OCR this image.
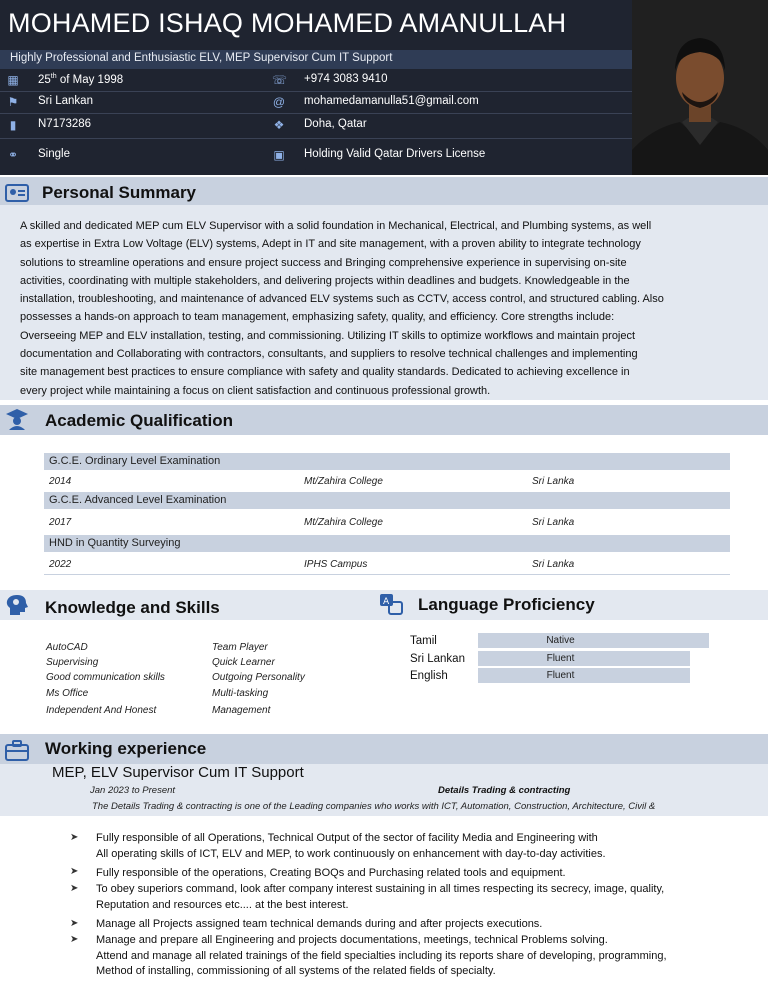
MOHAMED ISHAQ MOHAMED AMANULLAH
Highly Professional and Enthusiastic ELV, MEP Supervisor Cum IT Support
▦ 25th of May 1998	☏ +974 3083 9410
⚑ Sri Lankan	@ mohamedamanulla51@gmail.com
▮	N7173286	❖ Doha, Qatar
⚭ Single	▣ Holding Valid Qatar Drivers License
Personal Summary
A skilled and dedicated MEP cum ELV Supervisor with a solid foundation in Mechanical, Electrical, and Plumbing systems, as well
as expertise in Extra Low Voltage (ELV) systems, Adept in IT and site management, with a proven ability to integrate technology
solutions to streamline operations and ensure project success and Bringing comprehensive experience in supervising on-site
activities, coordinating with multiple stakeholders, and delivering projects within deadlines and budgets. Knowledgeable in the
installation, troubleshooting, and maintenance of advanced ELV systems such as CCTV, access control, and structured cabling. Also
possesses a hands-on approach to team management, emphasizing safety, quality, and efficiency. Core strengths include:
Overseeing MEP and ELV installation, testing, and commissioning. Utilizing IT skills to optimize workflows and maintain project
documentation and Collaborating with contractors, consultants, and suppliers to resolve technical challenges and implementing
site management best practices to ensure compliance with safety and quality standards. Dedicated to achieving excellence in
every project while maintaining a focus on client satisfaction and continuous professional growth.
Academic Qualification
G.C.E. Ordinary Level Examination
2014	Mt/Zahira College	Sri Lanka
G.C.E. Advanced Level Examination
2017	Mt/Zahira College	Sri Lanka
HND in Quantity Surveying
2022	IPHS Campus	Sri Lanka
Knowledge and Skills	A Language Proficiency
AutoCAD
Supervising
Good communication skills
Ms Office
Independent And Honest
Team Player
Quick Learner
Outgoing Personality
Multi-tasking
Management
Tamil	Native
Sri Lankan	Fluent
English	Fluent
Working experience
MEP, ELV Supervisor Cum IT Support
Jan 2023 to Present	Details Trading & contracting
The Details Trading & contracting is one of the Leading companies who works with ICT, Automation, Construction, Architecture, Civil &
➤ Fully responsible of all Operations, Technical Output of the sector of facility Media and Engineering with
All operating skills of ICT, ELV and MEP, to work continuously on enhancement with day-to-day activities.
➤ Fully responsible of the operations, Creating BOQs and Purchasing related tools and equipment.
➤ To obey superiors command, look after company interest sustaining in all times respecting its secrecy, image, quality,
Reputation and resources etc.... at the best interest.
➤ Manage all Projects assigned team technical demands during and after projects executions.
➤ Manage and prepare all Engineering and projects documentations, meetings, technical Problems solving.
Attend and manage all related trainings of the field specialties including its reports share of developing, programming,
Method of installing, commissioning of all systems of the related fields of specialty.
